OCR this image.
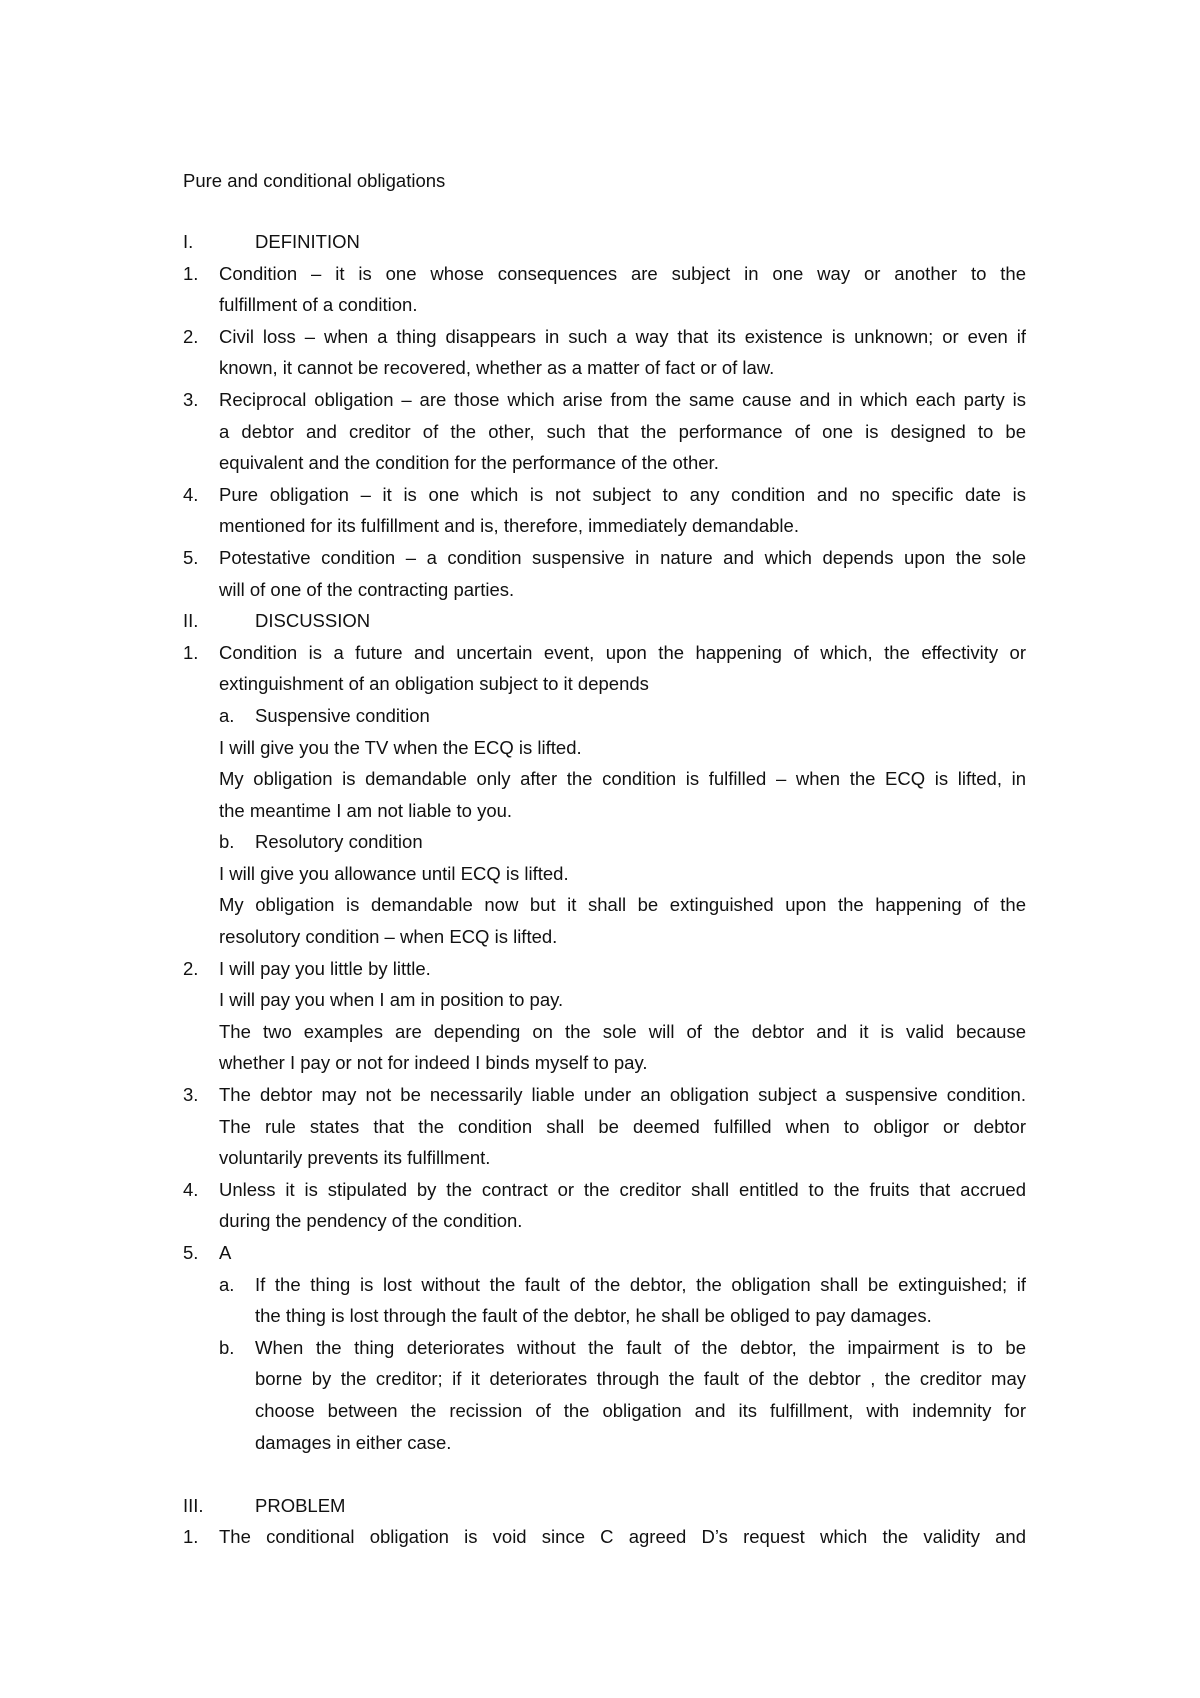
Pure and conditional obligations
I.	DEFINITION
1. Condition – it is one whose consequences are subject in one way or another to the
fulfillment of a condition.
2. Civil loss – when a thing disappears in such a way that its existence is unknown; or even if
known, it cannot be recovered, whether as a matter of fact or of law.
3. Reciprocal obligation – are those which arise from the same cause and in which each party is
a debtor and creditor of the other, such that the performance of one is designed to be
equivalent and the condition for the performance of the other.
4. Pure obligation – it is one which is not subject to any condition and no specific date is
mentioned for its fulfillment and is, therefore, immediately demandable.
5. Potestative condition – a condition suspensive in nature and which depends upon the sole
will of one of the contracting parties.
II.	DISCUSSION
1. Condition is a future and uncertain event, upon the happening of which, the effectivity or
extinguishment of an obligation subject to it depends
a. Suspensive condition
I will give you the TV when the ECQ is lifted.
My obligation is demandable only after the condition is fulfilled – when the ECQ is lifted, in
the meantime I am not liable to you.
b. Resolutory condition
I will give you allowance until ECQ is lifted.
My obligation is demandable now but it shall be extinguished upon the happening of the
resolutory condition – when ECQ is lifted.
2. I will pay you little by little.
I will pay you when I am in position to pay.
The two examples are depending on the sole will of the debtor and it is valid because
whether I pay or not for indeed I binds myself to pay.
3. The debtor may not be necessarily liable under an obligation subject a suspensive condition.
The rule states that the condition shall be deemed fulfilled when to obligor or debtor
voluntarily prevents its fulfillment.
4. Unless it is stipulated by the contract or the creditor shall entitled to the fruits that accrued
during the pendency of the condition.
5. A
a. If the thing is lost without the fault of the debtor, the obligation shall be extinguished; if
the thing is lost through the fault of the debtor, he shall be obliged to pay damages.
b. When the thing deteriorates without the fault of the debtor, the impairment is to be
borne by the creditor; if it deteriorates through the fault of the debtor , the creditor may
choose between the recission of the obligation and its fulfillment, with indemnity for
damages in either case.
III.	PROBLEM
1. The conditional obligation is void since C agreed D’s request which the validity and
